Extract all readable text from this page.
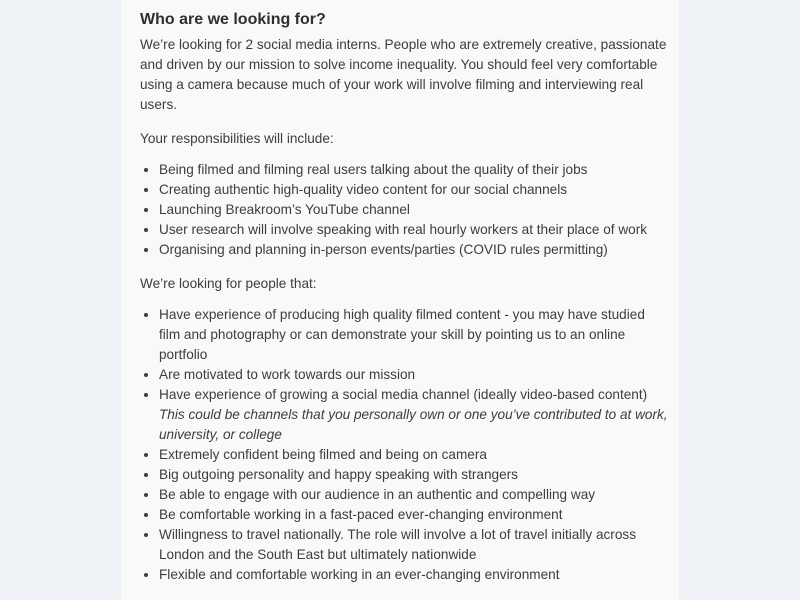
Who are we looking for?

We’re looking for 2 social media interns. People who are extremely creative, passionate and driven by our mission to solve income inequality. You should feel very comfortable using a camera because much of your work will involve filming and interviewing real users.

Your responsibilities will include:

Being filmed and filming real users talking about the quality of their jobs
Creating authentic high-quality video content for our social channels
Launching Breakroom’s YouTube channel
User research will involve speaking with real hourly workers at their place of work
Organising and planning in-person events/parties (COVID rules permitting)

We’re looking for people that:

Have experience of producing high quality filmed content - you may have studied film and photography or can demonstrate your skill by pointing us to an online portfolio
Are motivated to work towards our mission
Have experience of growing a social media channel (ideally video-based content)
This could be channels that you personally own or one you’ve contributed to at work, university, or college
Extremely confident being filmed and being on camera
Big outgoing personality and happy speaking with strangers
Be able to engage with our audience in an authentic and compelling way
Be comfortable working in a fast-paced ever-changing environment
Willingness to travel nationally. The role will involve a lot of travel initially across London and the South East but ultimately nationwide
Flexible and comfortable working in an ever-changing environment
